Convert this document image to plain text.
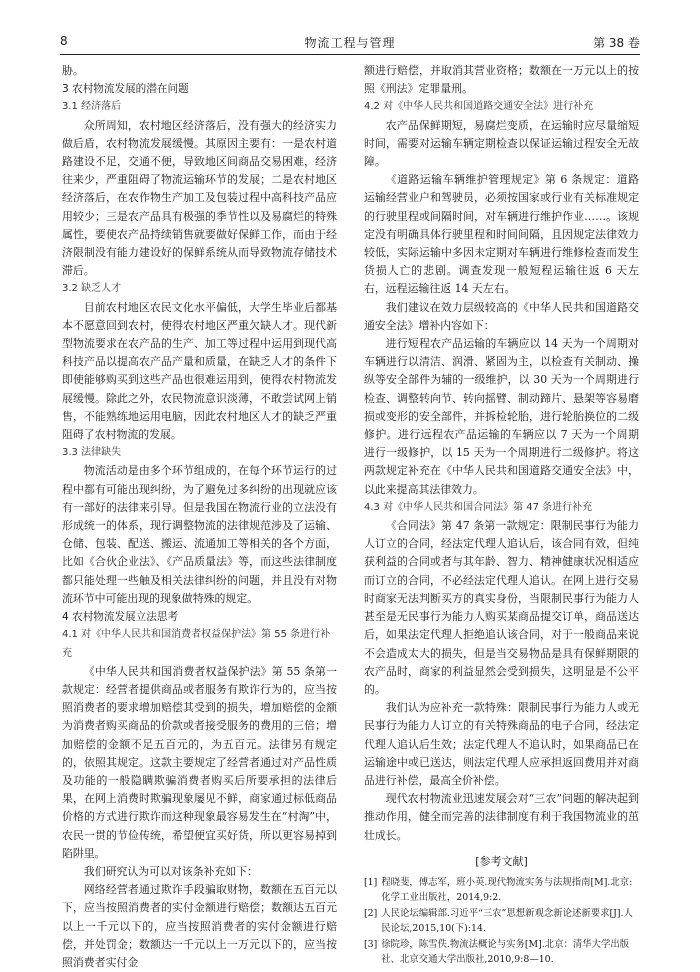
8	物流工程与管理	第 38 卷

胁。

3 农村物流发展的潜在问题
3.1 经济落后

众所周知，农村地区经济落后，没有强大的经济实力做后盾，农村物流发展缓慢。其原因主要有：一是农村道路建设不足，交通不便，导致地区间商品交易困难，经济往来少，严重阻碍了物流运输环节的发展；二是农村地区经济落后，在农作物生产加工及包装过程中高科技产品应用较少；三是农产品具有极强的季节性以及易腐烂的特殊属性，要使农产品持续销售就要做好保鲜工作，而由于经济限制没有能力建设好的保鲜系统从而导致物流存储技术滞后。

3.2 缺乏人才

目前农村地区农民文化水平偏低，大学生毕业后都基本不愿意回到农村，使得农村地区严重欠缺人才。现代新型物流要求在农产品的生产、加工等过程中运用到现代高科技产品以提高农产品产量和质量，在缺乏人才的条件下即使能够购买到这些产品也很难运用到，使得农村物流发展缓慢。除此之外，农民物流意识淡薄，不敢尝试网上销售，不能熟练地运用电脑，因此农村地区人才的缺乏严重阻碍了农村物流的发展。

3.3 法律缺失

物流活动是由多个环节组成的，在每个环节运行的过程中都有可能出现纠纷，为了避免过多纠纷的出现就应该有一部好的法律来引导。但是我国在物流行业的立法没有形成统一的体系，现行调整物流的法律规范涉及了运输、仓储、包装、配送、搬运、流通加工等相关的各个方面，比如《合伙企业法》、《产品质量法》等，而这些法律制度都只能处理一些触及相关法律纠纷的问题，并且没有对物流环节中可能出现的现象做特殊的规定。

4 农村物流发展立法思考
4.1 对《中华人民共和国消费者权益保护法》第 55 条进行补充

《中华人民共和国消费者权益保护法》第 55 条第一款规定：经营者提供商品或者服务有欺诈行为的，应当按照消费者的要求增加赔偿其受到的损失，增加赔偿的金额为消费者购买商品的价款或者接受服务的费用的三倍；增加赔偿的金额不足五百元的，为五百元。法律另有规定的，依照其规定。这款主要规定了经营者通过对产品性质及功能的一般隐瞒欺骗消费者购买后所要承担的法律后果，在网上消费时欺骗现象屡见不鲜，商家通过标低商品价格的方式进行欺诈而这种现象最容易发生在“村淘”中，农民一贯的节俭传统，希望便宜买好货，所以更容易掉到陷阱里。

我们研究认为可以对该条补充如下：

网络经营者通过欺诈手段骗取财物，数额在五百元以下，应当按照消费者的实付金额进行赔偿；数额达五百元以上一千元以下的，应当按照消费者的实付金额进行赔偿，并处罚金；数额达一千元以上一万元以下的，应当按照消费者实付金

额进行赔偿，并取消其营业资格；数额在一万元以上的按照《刑法》定罪量刑。

4.2 对《中华人民共和国道路交通安全法》进行补充

农产品保鲜期短，易腐烂变质，在运输时应尽量缩短时间，需要对运输车辆定期检查以保证运输过程安全无故障。

《道路运输车辆维护管理规定》第 6 条规定：道路运输经营业户和驾驶员，必须按国家或行业有关标准规定的行驶里程或间隔时间，对车辆进行维护作业……。该规定没有明确具体行驶里程和时间间隔，且因规定法律效力较低，实际运输中多因未定期对车辆进行维修检查而发生货损人亡的悲剧。调查发现一般短程运输往返 6 天左右，远程运输往返 14 天左右。

我们建议在效力层级较高的《中华人民共和国道路交通安全法》增补内容如下：

进行短程农产品运输的车辆应以 14 天为一个周期对车辆进行以清洁、润滑、紧固为主，以检查有关制动、操纵等安全部件为辅的一级维护，以 30 天为一个周期进行检查、调整转向节、转向摇臂、制动蹄片、悬架等容易磨损或变形的安全部件，并拆检轮胎，进行轮胎换位的二级修护。进行远程农产品运输的车辆应以 7 天为一个周期进行一级修护，以 15 天为一个周期进行二级修护。将这两款规定补充在《中华人民共和国道路交通安全法》中，以此来提高其法律效力。

4.3 对《中华人民共和国合同法》第 47 条进行补充

《合同法》第 47 条第一款规定：限制民事行为能力人订立的合同，经法定代理人追认后，该合同有效，但纯获利益的合同或者与其年龄、智力、精神健康状况相适应而订立的合同，不必经法定代理人追认。在网上进行交易时商家无法判断买方的真实身份，当限制民事行为能力人甚至是无民事行为能力人购买某商品提交订单，商品送达后，如果法定代理人拒绝追认该合同，对于一般商品来说不会造成太大的损失，但是当交易物品是具有保鲜期限的农产品时，商家的利益显然会受到损失，这明显是不公平的。

我们认为应补充一款特殊：限制民事行为能力人或无民事行为能力人订立的有关特殊商品的电子合同，经法定代理人追认后生效；法定代理人不追认时，如果商品已在运输途中或已送达，则法定代理人应承担返回费用并对商品进行补偿，最高全价补偿。

现代农村物流业迅速发展会对“三农”问题的解决起到推动作用，健全而完善的法律制度有利于我国物流业的茁壮成长。

[参考文献]
[1] 程晓斐，傅志军，班小英.现代物流实务与法规指南[M].北京:化学工业出版社，2014,9:2.
[2] 人民论坛编辑部.习近平“三农”思想新观念新论述新要求[J].人民论坛,2015,10(下):14.
[3] 徐院珍，陈雪佚.物流法概论与实务[M].北京：清华大学出版社、北京交通大学出版社,2010,9:8—10.
